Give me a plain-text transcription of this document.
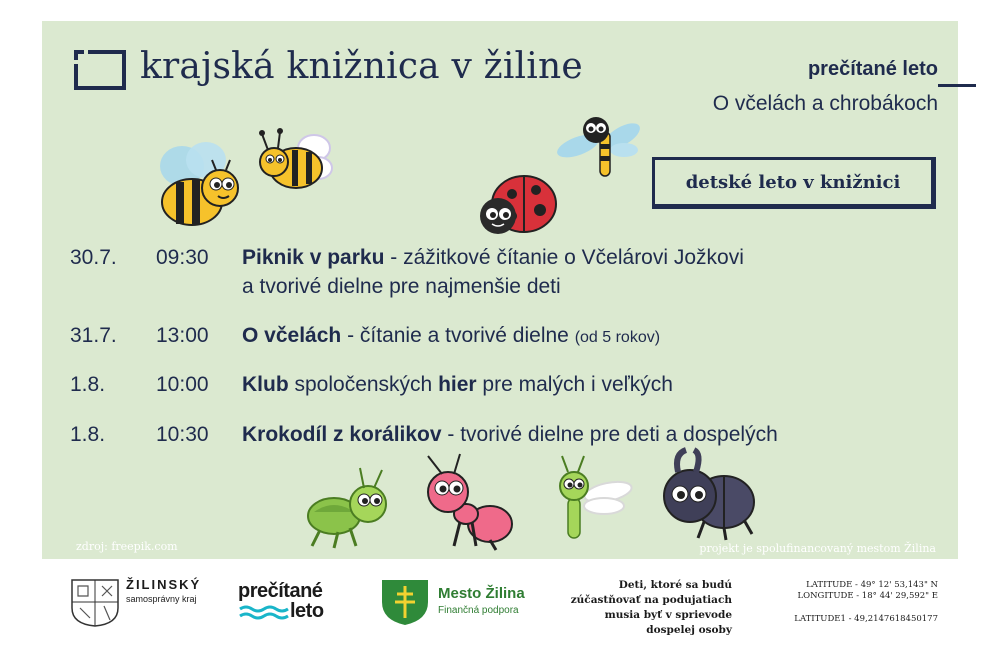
krajská knižnica v žiline	prečítané leto
O včelách a chrobákoch
detské leto v knižnici
30.7.	09:30	Piknik v parku - zážitkové čítanie o Včelárovi Jožkovi
a tvorivé dielne pre najmenšie deti
31.7.	13:00	O včelách - čítanie a tvorivé dielne (od 5 rokov)
1.8.	10:00	Klub spoločenských hier pre malých i veľkých
1.8.	10:30	Krokodíl z korálikov - tvorivé dielne pre deti a dospelých
zdroj: freepik.com	projekt je spolufinancovaný mestom Žilina
ŽILINSKÝ
samosprávny kraj prečítané
leto
Mesto Žilina
Finančná podpora
Deti, ktoré sa budú zúčastňovať na podujatiach musia byť v sprievode dospelej osoby
LATITUDE - 49° 12' 53,143" N
LONGITUDE - 18° 44' 29,592" E
LATITUDE1 - 49,2147618450177
